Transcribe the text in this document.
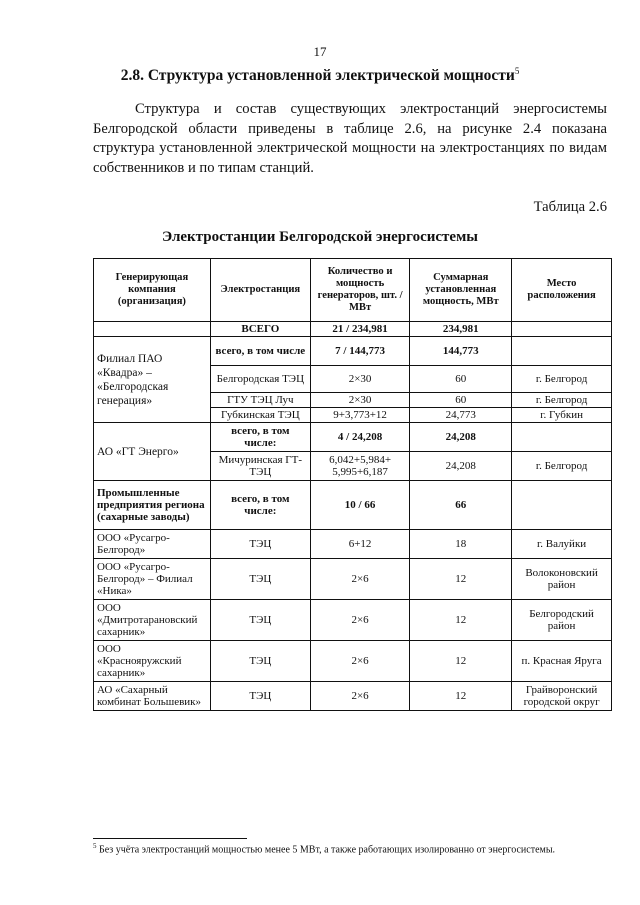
17
2.8. Структура установленной электрической мощности$^5$
Структура и состав существующих электростанций энергосистемы Белгородской области приведены в таблице 2.6, на рисунке 2.4 показана структура установленной электрической мощности на электростанциях по видам собственников и по типам станций.
Таблица 2.6
Электростанции Белгородской энергосистемы
Генерирующая компания (организация)	Электростанция	Количество и мощность генераторов, шт. / МВт	Суммарная установленная мощность, МВт	Место расположения
	ВСЕГО	21 / 234,981	234,981	
Филиал ПАО «Квадра» – «Белгородская генерация»	всего, в том числе	7 / 144,773	144,773	
	Белгородская ТЭЦ	2×30	60	г. Белгород
	ГТУ ТЭЦ Луч	2×30	60	г. Белгород
	Губкинская ТЭЦ	9+3,773+12	24,773	г. Губкин
АО «ГТ Энерго»	всего, в том числе:	4 / 24,208	24,208	
	Мичуринская ГТ-ТЭЦ	6,042+5,984+ 5,995+6,187	24,208	г. Белгород
Промышленные предприятия региона (сахарные заводы)	всего, в том числе:	10 / 66	66	
ООО «Русагро-Белгород»	ТЭЦ	6+12	18	г. Валуйки
ООО «Русагро-Белгород» – Филиал «Ника»	ТЭЦ	2×6	12	Волоконовский район
ООО «Дмитротарановский сахарник»	ТЭЦ	2×6	12	Белгородский район
ООО «Краснояружский сахарник»	ТЭЦ	2×6	12	п. Красная Яруга
АО «Сахарный комбинат Большевик»	ТЭЦ	2×6	12	Грайворонский городской округ
$^5$ Без учёта электростанций мощностью менее 5 МВт, а также работающих изолированно от энергосистемы.
